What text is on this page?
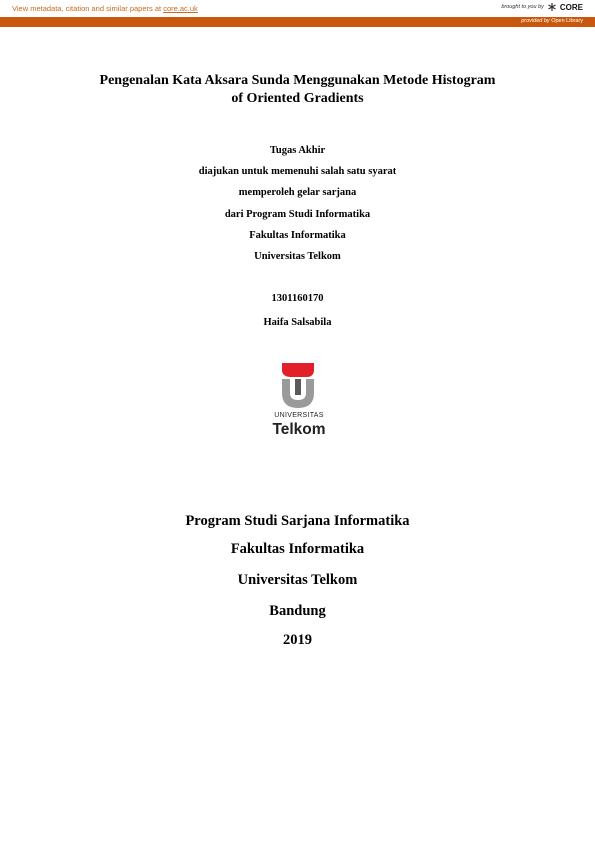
View metadata, citation and similar papers at core.ac.uk	brought to you by CORE
provided by Open Library
Pengenalan Kata Aksara Sunda Menggunakan Metode Histogram
of Oriented Gradients
Tugas Akhir
diajukan untuk memenuhi salah satu syarat
memperoleh gelar sarjana
dari Program Studi Informatika
Fakultas Informatika
Universitas Telkom
1301160170
Haifa Salsabila
UNIVERSITAS
Telkom
Program Studi Sarjana Informatika
Fakultas Informatika
Universitas Telkom
Bandung
2019
